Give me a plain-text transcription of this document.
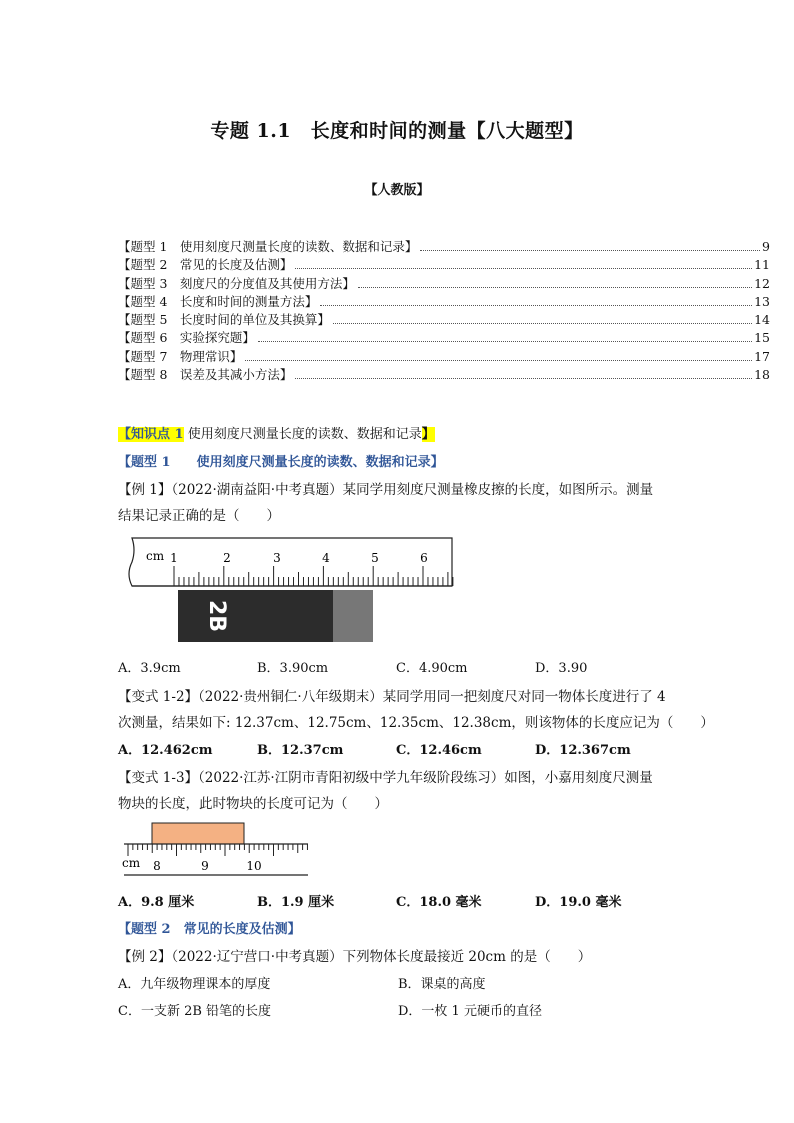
专题 1.1　长度和时间的测量【八大题型】
【人教版】
【题型 1　使用刻度尺测量长度的读数、数据和记录】	9
【题型 2　常见的长度及估测】	11
【题型 3　刻度尺的分度值及其使用方法】	12
【题型 4　长度和时间的测量方法】	13
【题型 5　长度时间的单位及其换算】	14
【题型 6　实验探究题】	15
【题型 7　物理常识】	17
【题型 8　误差及其减小方法】	18
【知识点 1 使用刻度尺测量长度的读数、数据和记录】
【题型 1　　使用刻度尺测量长度的读数、数据和记录】
【例 1】（2022·湖南益阳·中考真题）某同学用刻度尺测量橡皮擦的长度，如图所示。测量
结果记录正确的是（　　）
cm 1	2	3	4	5	6
2B
A．3.9cm	B．3.90cm	C．4.90cm	D．3.90
【变式 1-2】（2022·贵州铜仁·八年级期末）某同学用同一把刻度尺对同一物体长度进行了 4
次测量，结果如下: 12.37cm、12.75cm、12.35cm、12.38cm，则该物体的长度应记为（　　）
A．12.462cm	B．12.37cm	C．12.46cm	D．12.367cm
【变式 1-3】（2022·江苏·江阴市青阳初级中学九年级阶段练习）如图，小嘉用刻度尺测量
物块的长度，此时物块的长度可记为（　　）
cm 8	9	10
A．9.8 厘米	B．1.9 厘米	C．18.0 毫米	D．19.0 毫米
【题型 2　常见的长度及估测】
【例 2】（2022·辽宁营口·中考真题）下列物体长度最接近 20cm 的是（　　）
A．九年级物理课本的厚度	B．课桌的高度
C．一支新 2B 铅笔的长度	D．一枚 1 元硬币的直径
